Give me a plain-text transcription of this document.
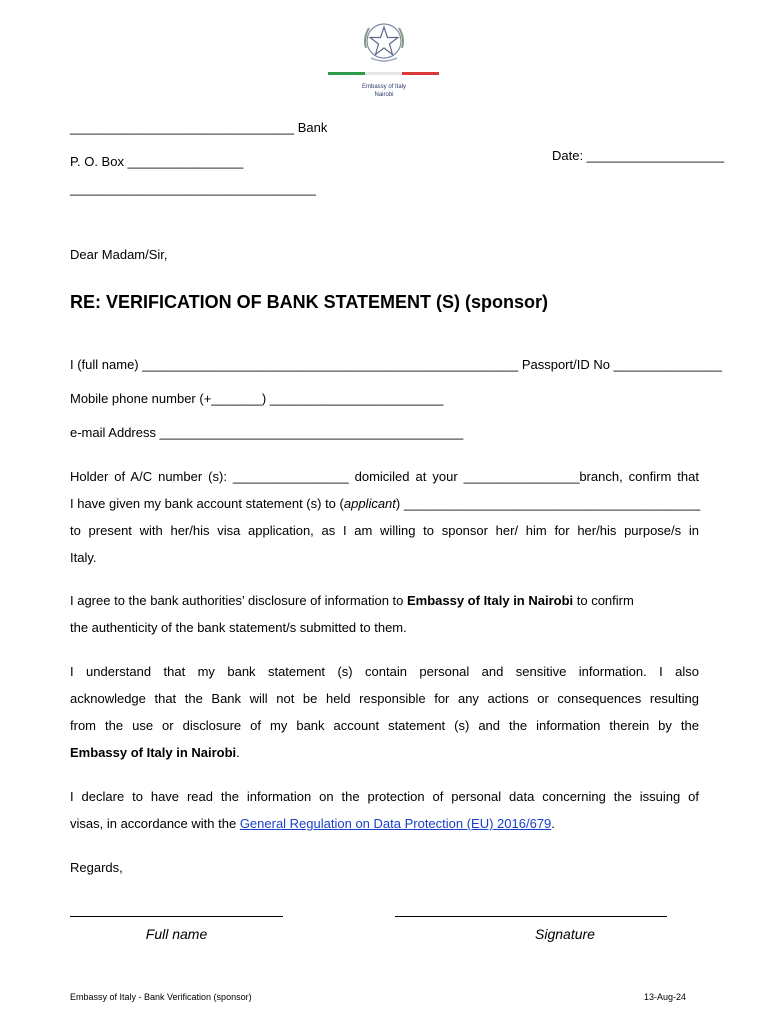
Embassy of Italy
Nairobi
_______________________________ Bank
P. O. Box ________________	Date: ___________________
__________________________________
Dear Madam/Sir,
RE: VERIFICATION OF BANK STATEMENT (S) (sponsor)
I (full name) ____________________________________________________ Passport/ID No _______________
Mobile phone number (+_______) ________________________
e-mail Address __________________________________________
Holder of A/C number (s): ________________ domiciled at your ________________branch, confirm that
I have given my bank account statement (s) to (applicant) _________________________________________
to present with her/his visa application, as I am willing to sponsor her/ him for her/his purpose/s in
Italy.
I agree to the bank authorities’ disclosure of information to Embassy of Italy in Nairobi to confirm
the authenticity of the bank statement/s submitted to them.
I understand that my bank statement (s) contain personal and sensitive information. I also
acknowledge that the Bank will not be held responsible for any actions or consequences resulting
from the use or disclosure of my bank account statement (s) and the information therein by the
Embassy of Italy in Nairobi.
I declare to have read the information on the protection of personal data concerning the issuing of
visas, in accordance with the General Regulation on Data Protection (EU) 2016/679.
Regards,
Full name	Signature
Embassy of Italy - Bank Verification (sponsor)	13-Aug-24
